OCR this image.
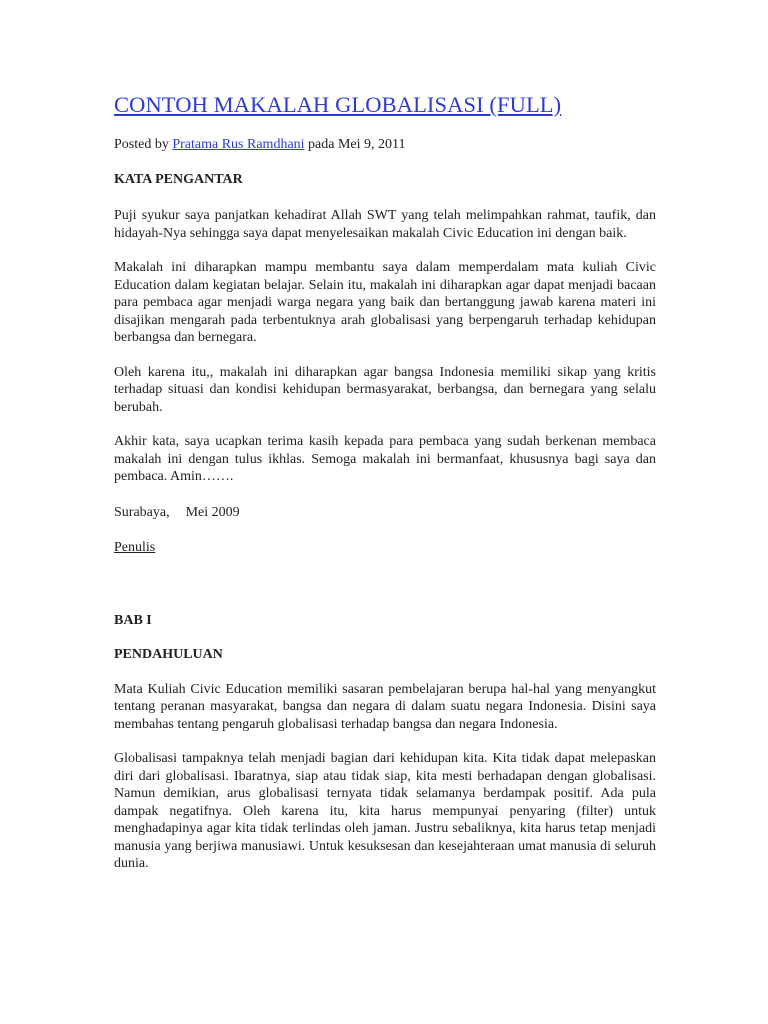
CONTOH MAKALAH GLOBALISASI (FULL)
Posted by Pratama Rus Ramdhani pada Mei 9, 2011
KATA PENGANTAR

Puji syukur saya panjatkan kehadirat Allah SWT yang telah melimpahkan rahmat, taufik, dan hidayah-Nya sehingga saya dapat menyelesaikan makalah Civic Education ini dengan baik.

Makalah ini diharapkan mampu membantu saya dalam memperdalam mata kuliah Civic Education dalam kegiatan belajar. Selain itu, makalah ini diharapkan agar dapat menjadi bacaan para pembaca agar menjadi warga negara yang baik dan bertanggung jawab karena materi ini disajikan mengarah pada terbentuknya arah globalisasi yang berpengaruh terhadap kehidupan berbangsa dan bernegara.

Oleh karena itu,, makalah ini diharapkan agar bangsa Indonesia memiliki sikap yang kritis terhadap situasi dan kondisi kehidupan bermasyarakat, berbangsa, dan bernegara yang selalu berubah.

Akhir kata, saya ucapkan terima kasih kepada para pembaca yang sudah berkenan membaca makalah ini dengan tulus ikhlas. Semoga makalah ini bermanfaat, khususnya bagi saya dan pembaca. Amin…….

Surabaya, Mei 2009
Penulis
BAB I
PENDAHULUAN

Mata Kuliah Civic Education memiliki sasaran pembelajaran berupa hal-hal yang menyangkut tentang peranan masyarakat, bangsa dan negara di dalam suatu negara Indonesia. Disini saya membahas tentang pengaruh globalisasi terhadap bangsa dan negara Indonesia.

Globalisasi tampaknya telah menjadi bagian dari kehidupan kita. Kita tidak dapat melepaskan diri dari globalisasi. Ibaratnya, siap atau tidak siap, kita mesti berhadapan dengan globalisasi. Namun demikian, arus globalisasi ternyata tidak selamanya berdampak positif. Ada pula dampak negatifnya. Oleh karena itu, kita harus mempunyai penyaring (filter) untuk menghadapinya agar kita tidak terlindas oleh jaman. Justru sebaliknya, kita harus tetap menjadi manusia yang berjiwa manusiawi. Untuk kesuksesan dan kesejahteraan umat manusia di seluruh dunia.
